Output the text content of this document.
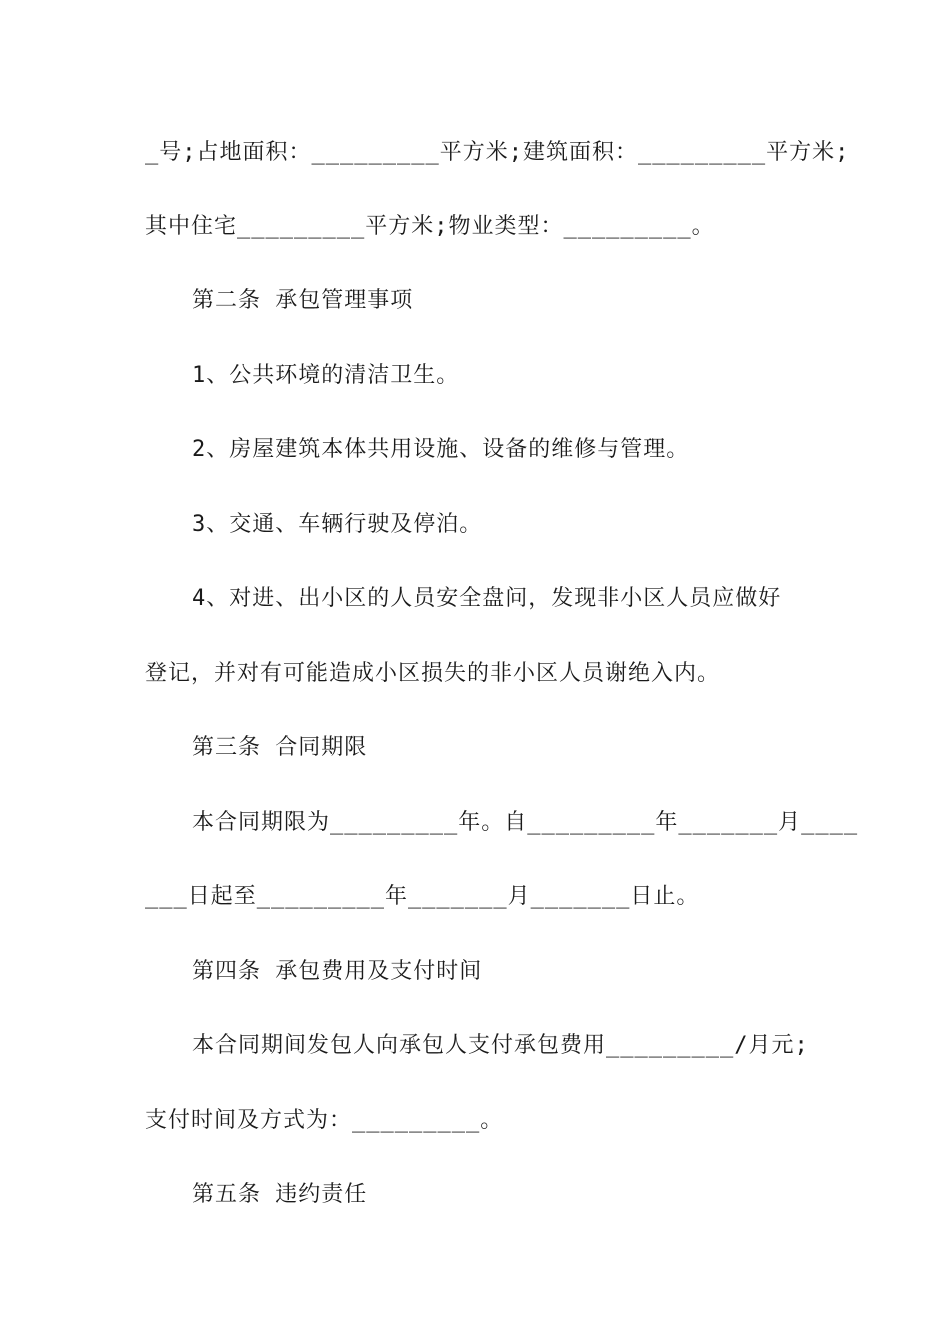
_号;占地面积：_________平方米;建筑面积：_________平方米;
其中住宅_________平方米;物业类型：_________。
第二条 承包管理事项
1、公共环境的清洁卫生。
2、房屋建筑本体共用设施、设备的维修与管理。
3、交通、车辆行驶及停泊。
4、对进、出小区的人员安全盘问，发现非小区人员应做好
登记，并对有可能造成小区损失的非小区人员谢绝入内。
第三条 合同期限
本合同期限为_________年。自_________年_______月____
___日起至_________年_______月_______日止。
第四条 承包费用及支付时间
本合同期间发包人向承包人支付承包费用_________/月元;
支付时间及方式为：_________。
第五条 违约责任
